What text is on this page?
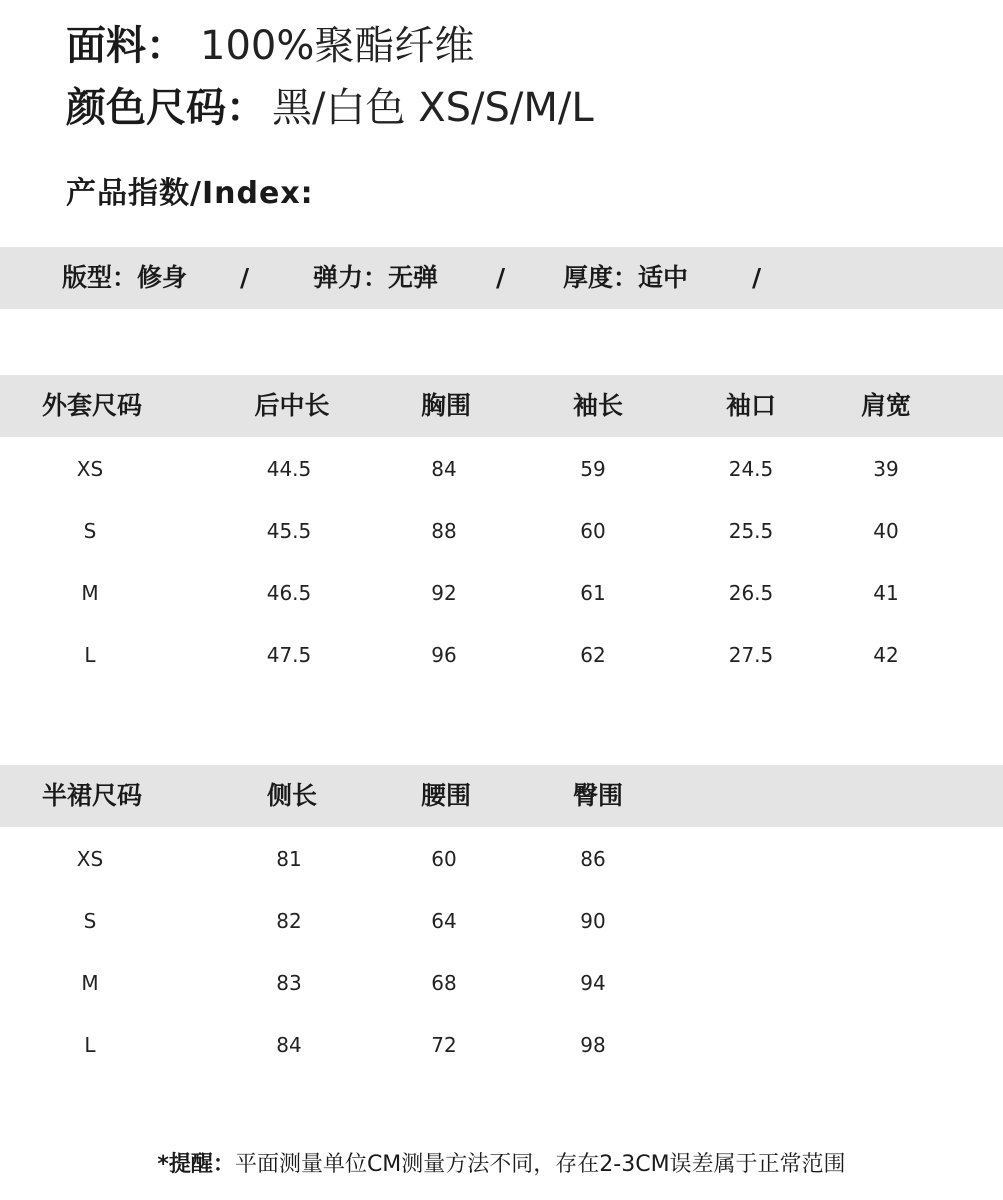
面料： 100%聚酯纤维
颜色尺码： 黑/白色 XS/S/M/L
产品指数/Index:
版型：修身 /	弹力：无弹 / 厚度：适中	/
外套尺码	后中长	胸围	袖长	袖口	肩宽
XS	44.5	84	59	24.5	39
S	45.5	88	60	25.5	40
M	46.5	92	61	26.5	41
L	47.5	96	62	27.5	42
半裙尺码	侧长	腰围	臀围
XS	81	60	86
S	82	64	90
M	83	68	94
L	84	72	98
*提醒：平面测量单位CM测量方法不同，存在2-3CM误差属于正常范围
